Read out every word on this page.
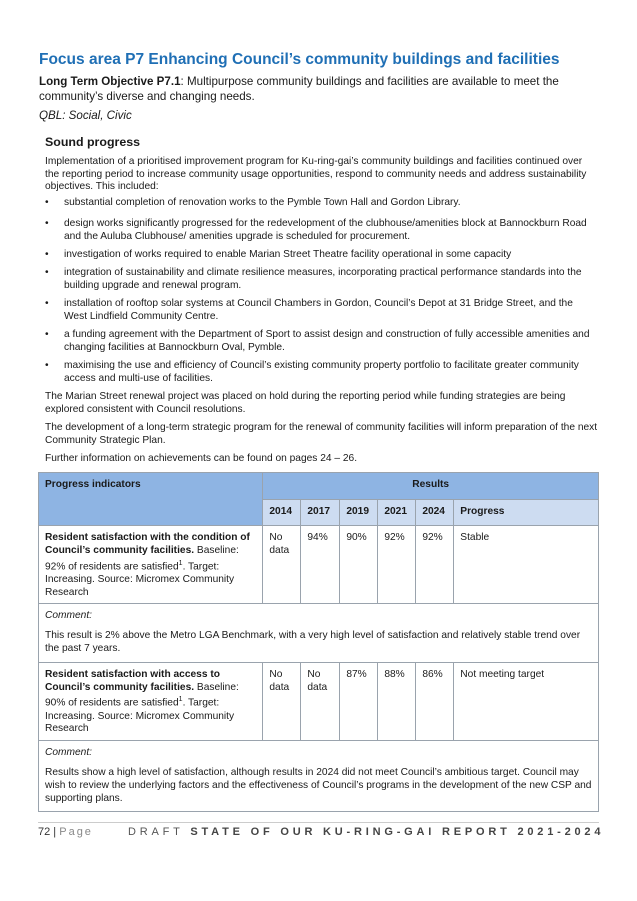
Focus area P7 Enhancing Council’s community buildings and facilities
Long Term Objective P7.1: Multipurpose community buildings and facilities are available to meet the community’s diverse and changing needs.
QBL: Social, Civic
Sound progress
Implementation of a prioritised improvement program for Ku-ring-gai’s community buildings and facilities continued over the reporting period to increase community usage opportunities, respond to community needs and address sustainability objectives. This included:
• substantial completion of renovation works to the Pymble Town Hall and Gordon Library.
• design works significantly progressed for the redevelopment of the clubhouse/amenities block at Bannockburn Road and the Auluba Clubhouse/ amenities upgrade is scheduled for procurement.
• investigation of works required to enable Marian Street Theatre facility operational in some capacity
• integration of sustainability and climate resilience measures, incorporating practical performance standards into the building upgrade and renewal program.
• installation of rooftop solar systems at Council Chambers in Gordon, Council’s Depot at 31 Bridge Street, and the West Lindfield Community Centre.
• a funding agreement with the Department of Sport to assist design and construction of fully accessible amenities and changing facilities at Bannockburn Oval, Pymble.
• maximising the use and efficiency of Council’s existing community property portfolio to facilitate greater community access and multi-use of facilities.
The Marian Street renewal project was placed on hold during the reporting period while funding strategies are being explored consistent with Council resolutions.
The development of a long-term strategic program for the renewal of community facilities will inform preparation of the next Community Strategic Plan.
Further information on achievements can be found on pages 24 – 26.
Progress indicators	Results					

	2014	2017	2019	2021	2024	Progress

Resident satisfaction with the condition of Council’s community facilities. Baseline: 92% of residents are satisfied$^1$. Target: Increasing. Source: Micromex Community Research	No data	94%	90%	92%	92%	Stable

Comment:
This result is 2% above the Metro LGA Benchmark, with a very high level of satisfaction and relatively stable trend over the past 7 years.						

Resident satisfaction with access to Council’s community facilities. Baseline: 90% of residents are satisfied$^1$. Target: Increasing. Source: Micromex Community Research	No data	No data	87%	88%	86%	Not meeting target

Comment:
Results show a high level of satisfaction, although results in 2024 did not meet Council’s ambitious target. Council may wish to review the underlying factors and the effectiveness of Council’s programs in the development of the new CSP and supporting plans.						
72 | Page	DRAFT STATE OF OUR KU-RING-GAI REPORT 2021-2024
